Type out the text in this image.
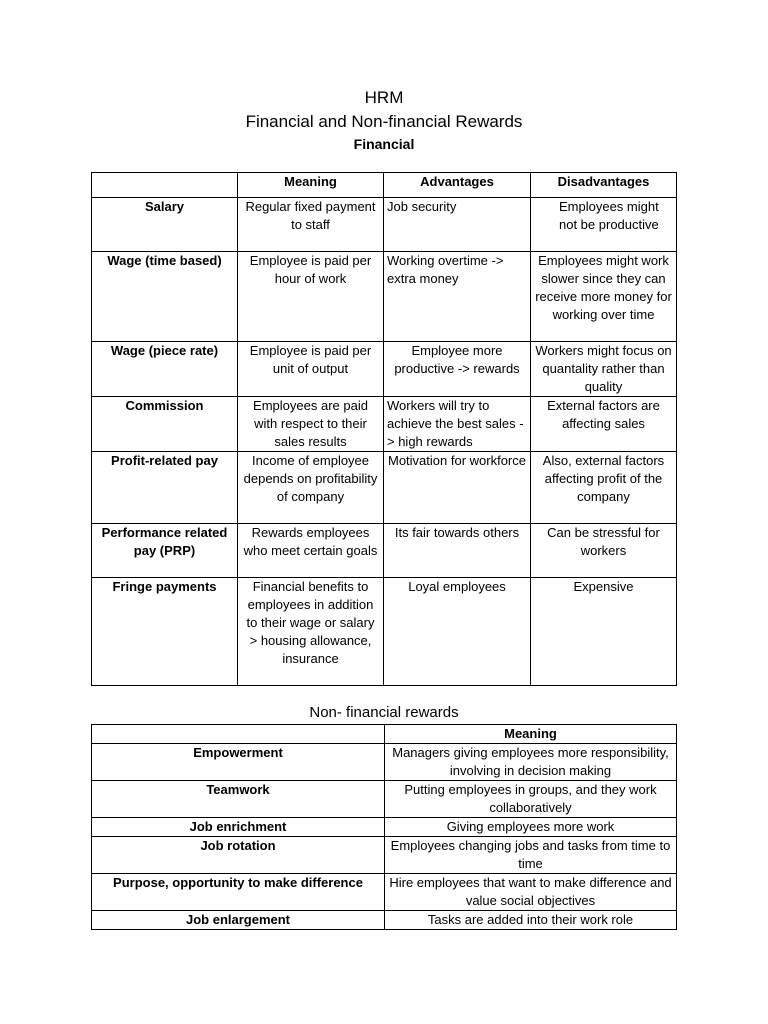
HRM
Financial and Non-financial Rewards
Financial
	Meaning	Advantages	Disadvantages
Salary	Regular fixed payment to staff	Job security	Employees might not be productive
Wage (time based)	Employee is paid per hour of work	Working overtime -> extra money	Employees might work slower since they can receive more money for working over time
Wage (piece rate)	Employee is paid per unit of output	Employee more productive -> rewards	Workers might focus on quantality rather than quality
Commission	Employees are paid with respect to their sales results	Workers will try to achieve the best sales -> high rewards	External factors are affecting sales
Profit-related pay	Income of employee depends on profitability of company	Motivation for workforce	Also, external factors affecting profit of the company
Performance related pay (PRP)	Rewards employees who meet certain goals	Its fair towards others	Can be stressful for workers
Fringe payments	Financial benefits to employees in addition to their wage or salary > housing allowance, insurance	Loyal employees	Expensive
Non- financial rewards
	Meaning
Empowerment	Managers giving employees more responsibility, involving in decision making
Teamwork	Putting employees in groups, and they work collaboratively
Job enrichment	Giving employees more work
Job rotation	Employees changing jobs and tasks from time to time
Purpose, opportunity to make difference	Hire employees that want to make difference and value social objectives
Job enlargement	Tasks are added into their work role
